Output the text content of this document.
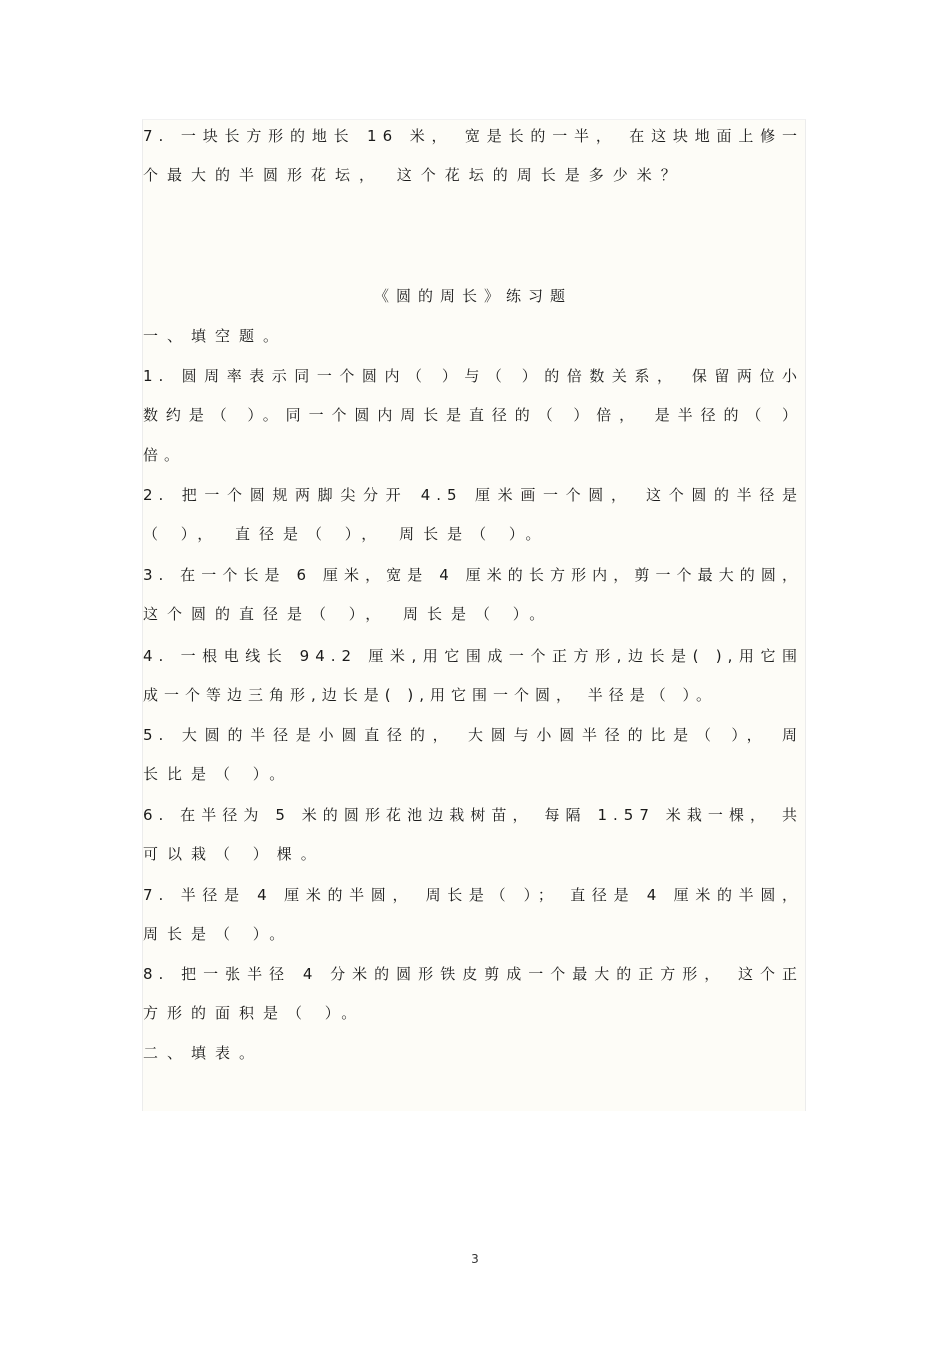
7. 一块长方形的地长 16 米， 宽是长的一半， 在这块地面上修一
个最大的半圆形花坛， 这个花坛的周长是多少米？
《圆的周长》练习题
一、填空题。
1. 圆周率表示同一个圆内（ ）与（ ）的倍数关系， 保留两位小
数约是（ ）。同一个圆内周长是直径的（ ）倍， 是半径的（ ）
倍。
2. 把一个圆规两脚尖分开 4.5 厘米画一个圆， 这个圆的半径是
（ ）， 直径是（ ）， 周长是（ ）。
3. 在一个长是 6 厘米，宽是 4 厘米的长方形内，剪一个最大的圆，
这个圆的直径是（ ）， 周长是（ ）。
4. 一根电线长 94.2 厘米,用它围成一个正方形,边长是( ),用它围
成一个等边三角形,边长是( ),用它围一个圆， 半径是（ ）。
5. 大圆的半径是小圆直径的， 大圆与小圆半径的比是（ ）， 周
长比是（ ）。
6. 在半径为 5 米的圆形花池边栽树苗， 每隔 1.57 米栽一棵， 共
可以栽（ ）棵。
7. 半径是 4 厘米的半圆， 周长是（ ）； 直径是 4 厘米的半圆，
周长是（ ）。
8. 把一张半径 4 分米的圆形铁皮剪成一个最大的正方形， 这个正
方形的面积是（ ）。
二、填表。
3
